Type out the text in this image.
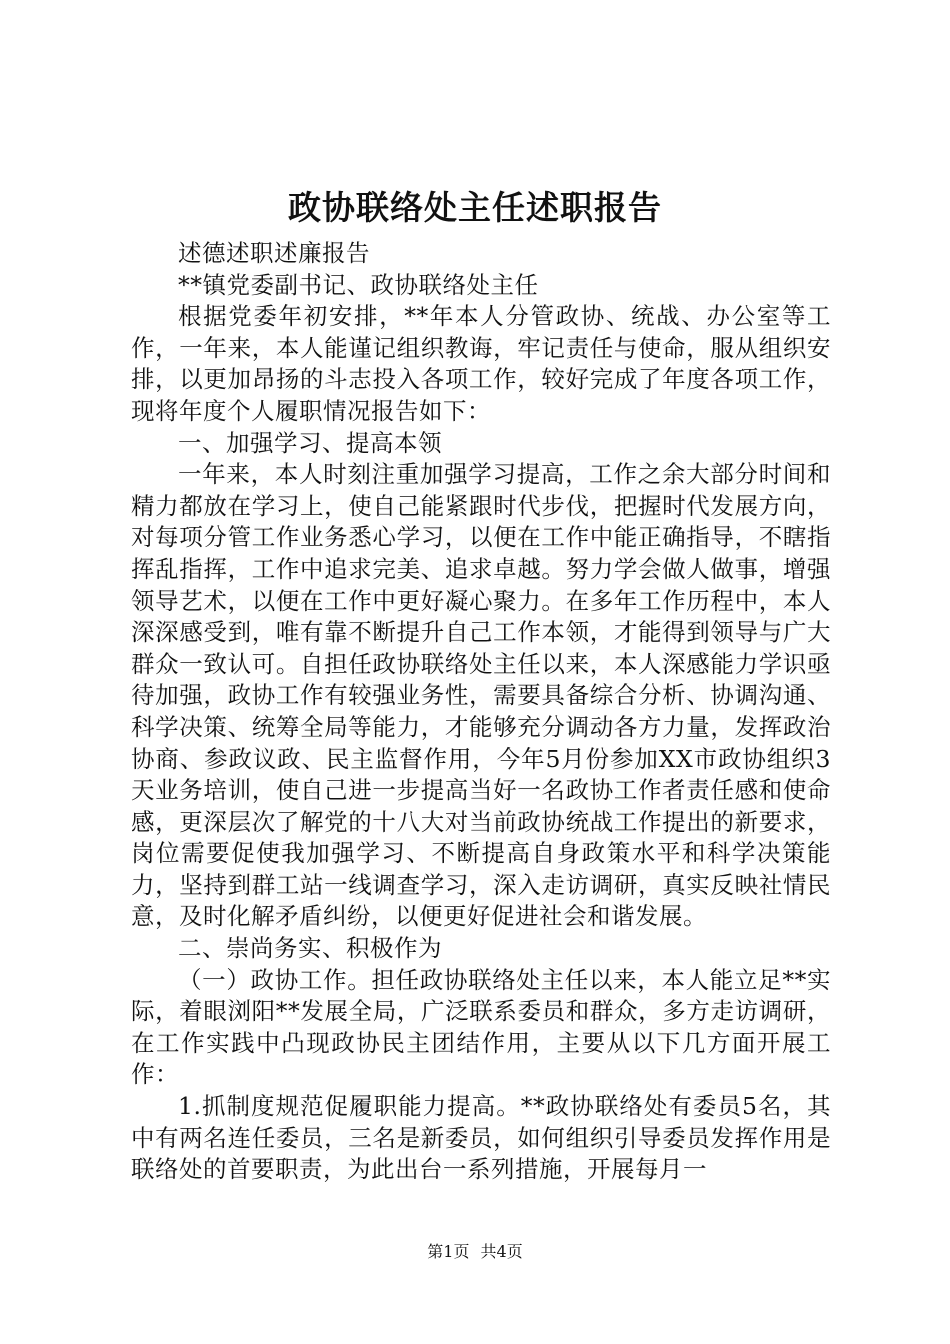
政协联络处主任述职报告

述德述职述廉报告

**镇党委副书记、政协联络处主任

根据党委年初安排，**年本人分管政协、统战、办公室等工作，一年来，本人能谨记组织教诲，牢记责任与使命，服从组织安排，以更加昂扬的斗志投入各项工作，较好完成了年度各项工作，现将年度个人履职情况报告如下：

一、加强学习、提高本领

一年来，本人时刻注重加强学习提高，工作之余大部分时间和精力都放在学习上，使自己能紧跟时代步伐，把握时代发展方向，对每项分管工作业务悉心学习，以便在工作中能正确指导，不瞎指挥乱指挥，工作中追求完美、追求卓越。努力学会做人做事，增强领导艺术，以便在工作中更好凝心聚力。在多年工作历程中，本人深深感受到，唯有靠不断提升自己工作本领，才能得到领导与广大群众一致认可。自担任政协联络处主任以来，本人深感能力学识亟待加强，政协工作有较强业务性，需要具备综合分析、协调沟通、科学决策、统筹全局等能力，才能够充分调动各方力量，发挥政治协商、参政议政、民主监督作用，今年5月份参加XX市政协组织3天业务培训，使自己进一步提高当好一名政协工作者责任感和使命感，更深层次了解党的十八大对当前政协统战工作提出的新要求，岗位需要促使我加强学习、不断提高自身政策水平和科学决策能力，坚持到群工站一线调查学习，深入走访调研，真实反映社情民意，及时化解矛盾纠纷，以便更好促进社会和谐发展。

二、崇尚务实、积极作为

（一）政协工作。担任政协联络处主任以来，本人能立足**实际，着眼浏阳**发展全局，广泛联系委员和群众，多方走访调研，在工作实践中凸现政协民主团结作用，主要从以下几方面开展工作：

1.抓制度规范促履职能力提高。**政协联络处有委员5名，其中有两名连任委员，三名是新委员，如何组织引导委员发挥作用是联络处的首要职责，为此出台一系列措施，开展每月一

第1页 共4页
